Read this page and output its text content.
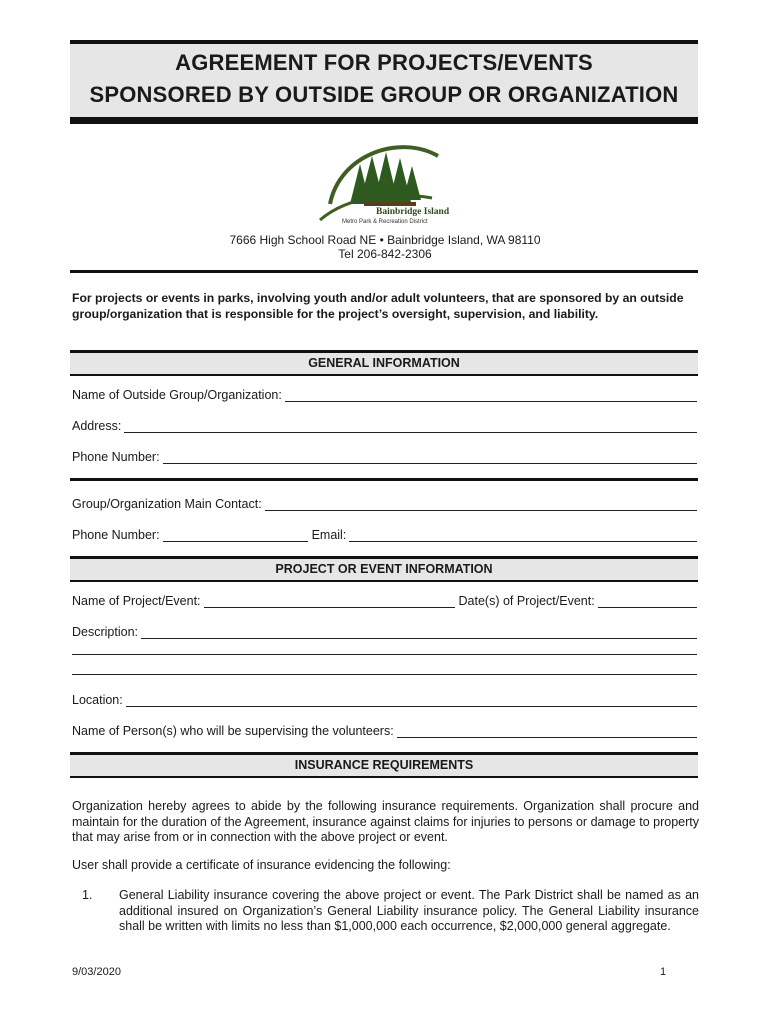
AGREEMENT FOR PROJECTS/EVENTS
SPONSORED BY OUTSIDE GROUP OR ORGANIZATION
Bainbridge Island
Metro Park & Recreation District
7666 High School Road NE • Bainbridge Island, WA 98110
Tel 206-842-2306
For projects or events in parks, involving youth and/or adult volunteers, that are sponsored by an outside group/organization that is responsible for the project’s oversight, supervision, and liability.
GENERAL INFORMATION
Name of Outside Group/Organization:
Address:
Phone Number:
Group/Organization Main Contact:
Phone Number:	Email:
PROJECT OR EVENT INFORMATION
Name of Project/Event:	Date(s) of Project/Event:
Description:
Location:
Name of Person(s) who will be supervising the volunteers:
INSURANCE REQUIREMENTS
Organization hereby agrees to abide by the following insurance requirements. Organization shall procure and maintain for the duration of the Agreement, insurance against claims for injuries to persons or damage to property that may arise from or in connection with the above project or event.
User shall provide a certificate of insurance evidencing the following:
1. General Liability insurance covering the above project or event. The Park District shall be named as an additional insured on Organization’s General Liability insurance policy. The General Liability insurance shall be written with limits no less than $1,000,000 each occurrence, $2,000,000 general aggregate.
9/03/2020	1
